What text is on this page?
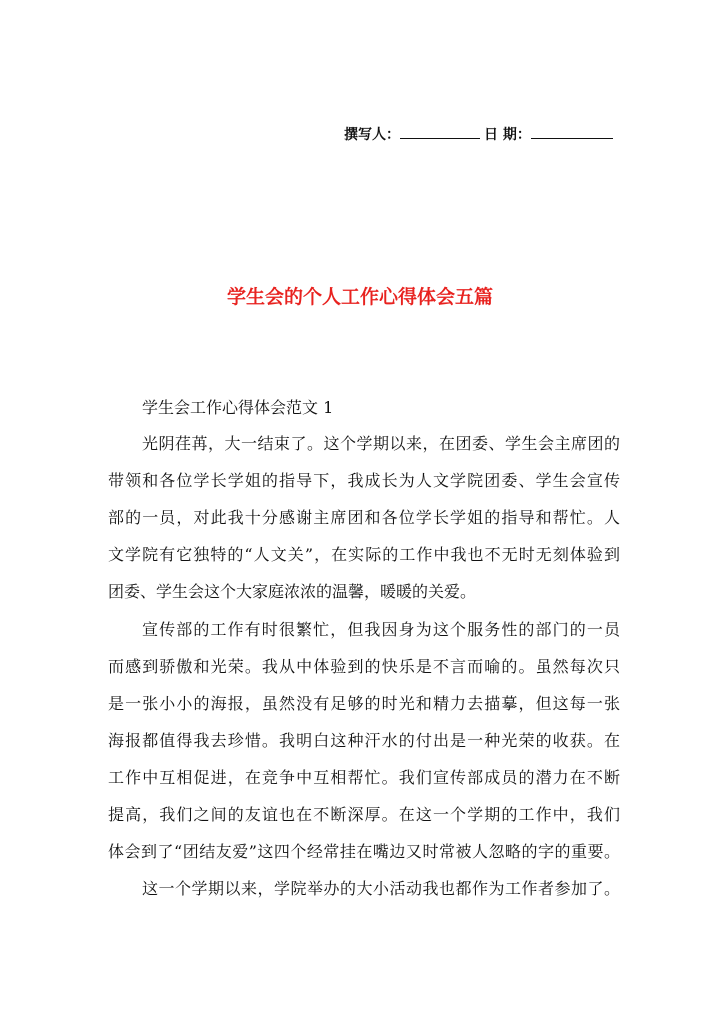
撰写人：	日 期：
学生会的个人工作心得体会五篇
学生会工作心得体会范文 1
光阴荏苒，大一结束了。这个学期以来，在团委、学生会主席团的
带领和各位学长学姐的指导下，我成长为人文学院团委、学生会宣传
部的一员，对此我十分感谢主席团和各位学长学姐的指导和帮忙。人
文学院有它独特的“人文关”，在实际的工作中我也不无时无刻体验到
团委、学生会这个大家庭浓浓的温馨，暖暖的关爱。
宣传部的工作有时很繁忙，但我因身为这个服务性的部门的一员
而感到骄傲和光荣。我从中体验到的快乐是不言而喻的。虽然每次只
是一张小小的海报，虽然没有足够的时光和精力去描摹，但这每一张
海报都值得我去珍惜。我明白这种汗水的付出是一种光荣的收获。在
工作中互相促进，在竞争中互相帮忙。我们宣传部成员的潜力在不断
提高，我们之间的友谊也在不断深厚。在这一个学期的工作中，我们
体会到了“团结友爱”这四个经常挂在嘴边又时常被人忽略的字的重要。
这一个学期以来，学院举办的大小活动我也都作为工作者参加了。
